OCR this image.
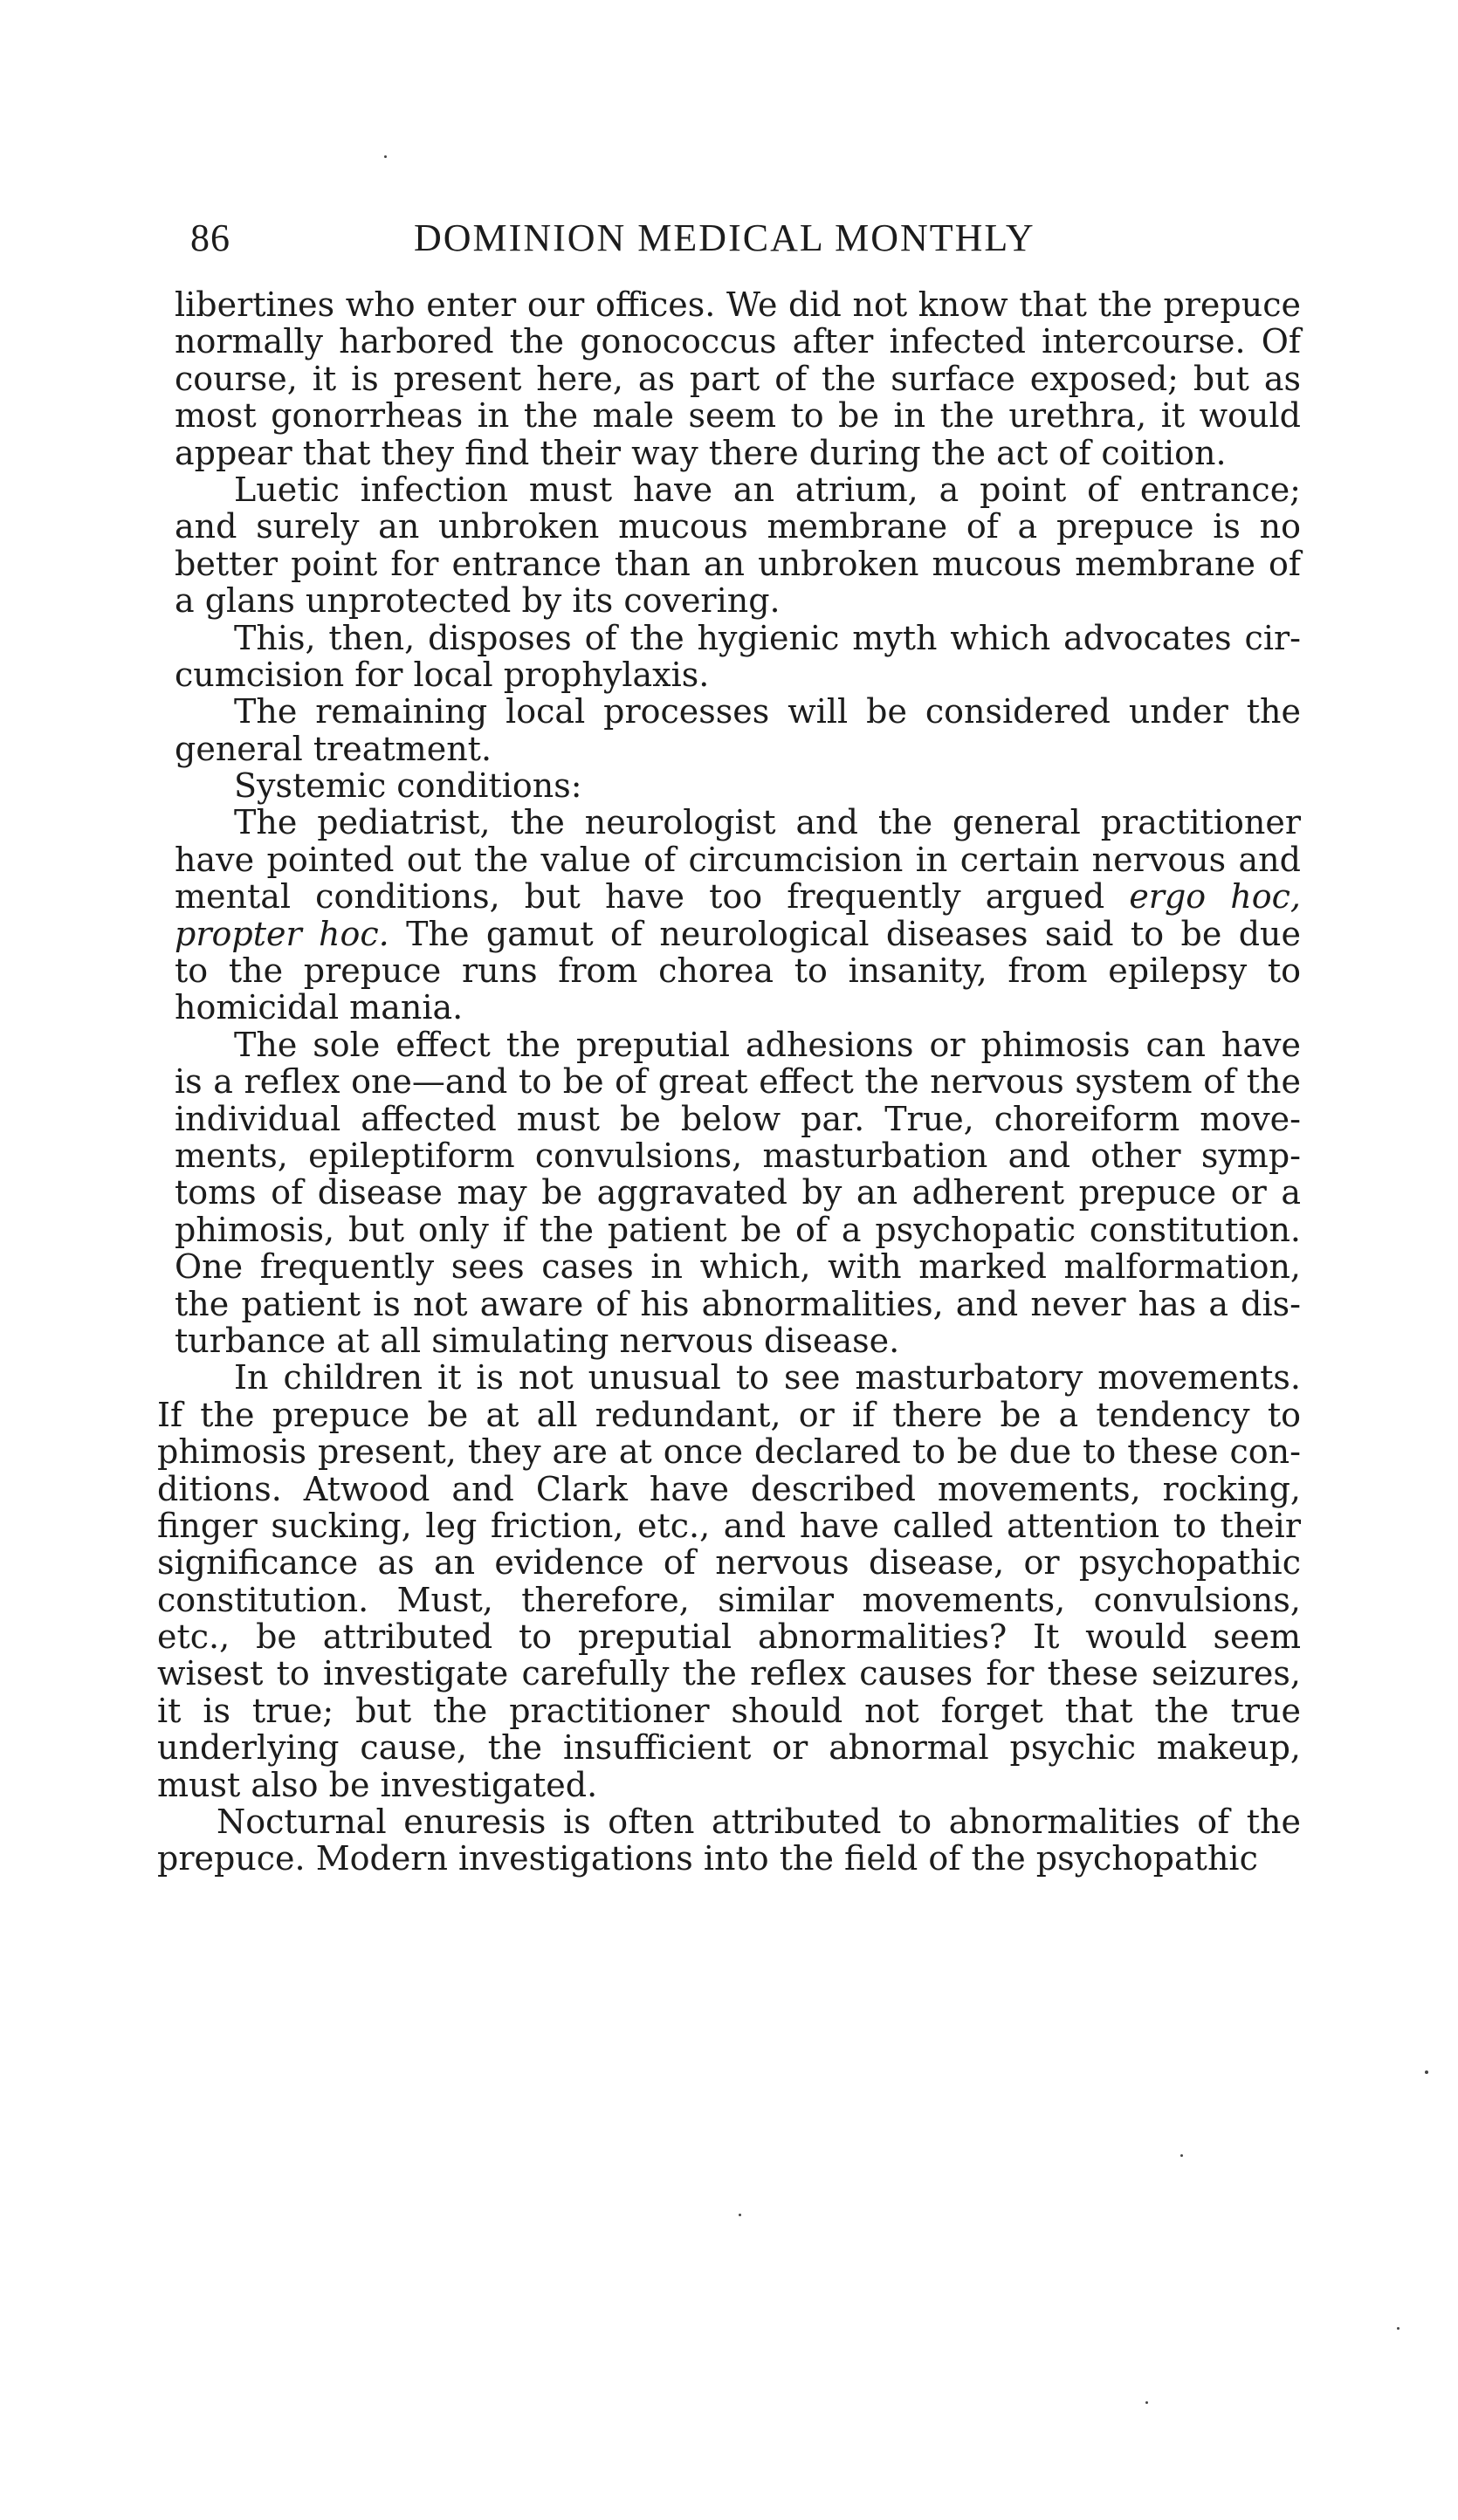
86	DOMINION MEDICAL MONTHLY
libertines who enter our offices. We did not know that the prepuce
normally harbored the gonococcus after infected intercourse. Of
course, it is present here, as part of the surface exposed; but as
most gonorrheas in the male seem to be in the urethra, it would
appear that they find their way there during the act of coition.
Luetic infection must have an atrium, a point of entrance;
and surely an unbroken mucous membrane of a prepuce is no
better point for entrance than an unbroken mucous membrane of
a glans unprotected by its covering.
This, then, disposes of the hygienic myth which advocates cir-
cumcision for local prophylaxis.
The remaining local processes will be considered under the
general treatment.
Systemic conditions:
The pediatrist, the neurologist and the general practitioner
have pointed out the value of circumcision in certain nervous and
mental conditions, but have too frequently argued ergo hoc,
propter hoc. The gamut of neurological diseases said to be due
to the prepuce runs from chorea to insanity, from epilepsy to
homicidal mania.
The sole effect the preputial adhesions or phimosis can have
is a reflex one—and to be of great effect the nervous system of the
individual affected must be below par. True, choreiform move-
ments, epileptiform convulsions, masturbation and other symp-
toms of disease may be aggravated by an adherent prepuce or a
phimosis, but only if the patient be of a psychopatic constitution.
One frequently sees cases in which, with marked malformation,
the patient is not aware of his abnormalities, and never has a dis-
turbance at all simulating nervous disease.
In children it is not unusual to see masturbatory movements.
If the prepuce be at all redundant, or if there be a tendency to
phimosis present, they are at once declared to be due to these con-
ditions. Atwood and Clark have described movements, rocking,
finger sucking, leg friction, etc., and have called attention to their
significance as an evidence of nervous disease, or psychopathic
constitution. Must, therefore, similar movements, convulsions,
etc., be attributed to preputial abnormalities? It would seem
wisest to investigate carefully the reflex causes for these seizures,
it is true; but the practitioner should not forget that the true
underlying cause, the insufficient or abnormal psychic makeup,
must also be investigated.
Nocturnal enuresis is often attributed to abnormalities of the
prepuce. Modern investigations into the field of the psychopathic
